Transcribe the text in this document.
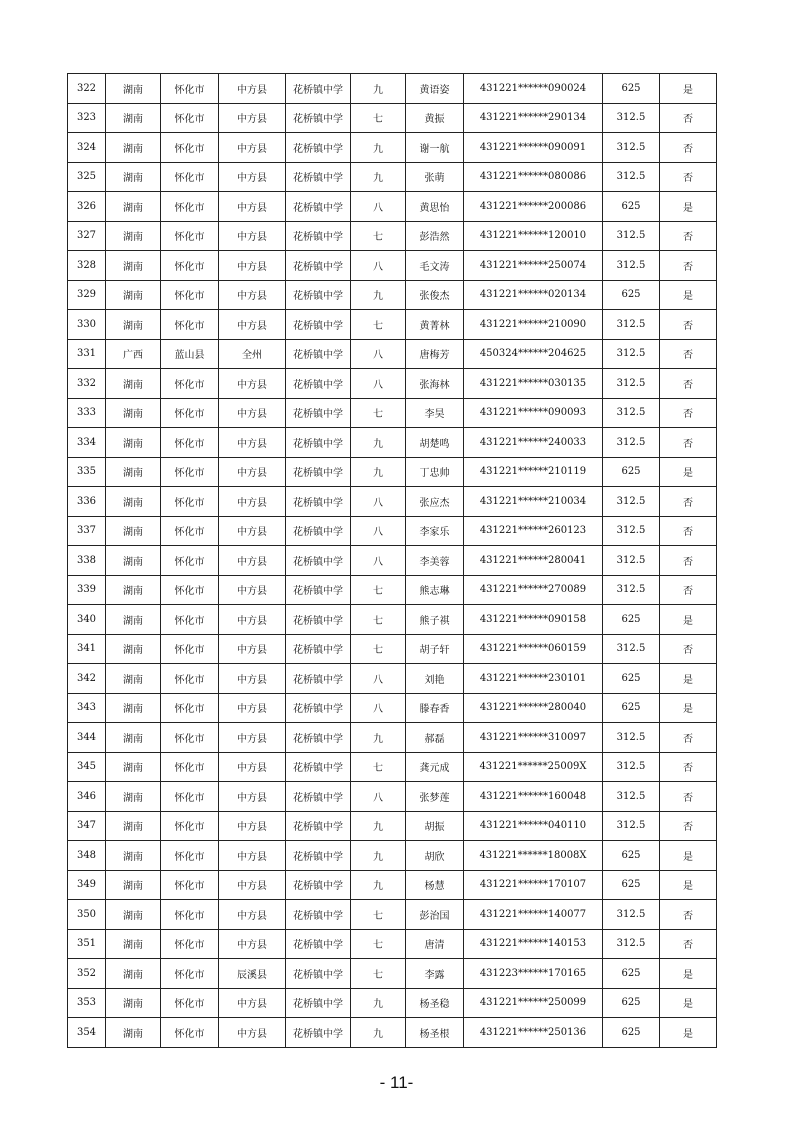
322	湖南	怀化市	中方县	花桥镇中学	九	黄语姿	431221******090024	625	是
323	湖南	怀化市	中方县	花桥镇中学	七	黄振	431221******290134	312.5	否
324	湖南	怀化市	中方县	花桥镇中学	九	谢一航	431221******090091	312.5	否
325	湖南	怀化市	中方县	花桥镇中学	九	张萌	431221******080086	312.5	否
326	湖南	怀化市	中方县	花桥镇中学	八	黄思怡	431221******200086	625	是
327	湖南	怀化市	中方县	花桥镇中学	七	彭浩然	431221******120010	312.5	否
328	湖南	怀化市	中方县	花桥镇中学	八	毛文涛	431221******250074	312.5	否
329	湖南	怀化市	中方县	花桥镇中学	九	张俊杰	431221******020134	625	是
330	湖南	怀化市	中方县	花桥镇中学	七	黄菁林	431221******210090	312.5	否
331	广西	蓝山县	全州	花桥镇中学	八	唐梅芳	450324******204625	312.5	否
332	湖南	怀化市	中方县	花桥镇中学	八	张海林	431221******030135	312.5	否
333	湖南	怀化市	中方县	花桥镇中学	七	李昊	431221******090093	312.5	否
334	湖南	怀化市	中方县	花桥镇中学	九	胡楚鸣	431221******240033	312.5	否
335	湖南	怀化市	中方县	花桥镇中学	九	丁忠帅	431221******210119	625	是
336	湖南	怀化市	中方县	花桥镇中学	八	张应杰	431221******210034	312.5	否
337	湖南	怀化市	中方县	花桥镇中学	八	李家乐	431221******260123	312.5	否
338	湖南	怀化市	中方县	花桥镇中学	八	李美蓉	431221******280041	312.5	否
339	湖南	怀化市	中方县	花桥镇中学	七	熊志琳	431221******270089	312.5	否
340	湖南	怀化市	中方县	花桥镇中学	七	熊子祺	431221******090158	625	是
341	湖南	怀化市	中方县	花桥镇中学	七	胡子轩	431221******060159	312.5	否
342	湖南	怀化市	中方县	花桥镇中学	八	刘艳	431221******230101	625	是
343	湖南	怀化市	中方县	花桥镇中学	八	滕春香	431221******280040	625	是
344	湖南	怀化市	中方县	花桥镇中学	九	郝磊	431221******310097	312.5	否
345	湖南	怀化市	中方县	花桥镇中学	七	龚元成	431221******25009X	312.5	否
346	湖南	怀化市	中方县	花桥镇中学	八	张梦莲	431221******160048	312.5	否
347	湖南	怀化市	中方县	花桥镇中学	九	胡振	431221******040110	312.5	否
348	湖南	怀化市	中方县	花桥镇中学	九	胡欣	431221******18008X	625	是
349	湖南	怀化市	中方县	花桥镇中学	九	杨慧	431221******170107	625	是
350	湖南	怀化市	中方县	花桥镇中学	七	彭治国	431221******140077	312.5	否
351	湖南	怀化市	中方县	花桥镇中学	七	唐清	431221******140153	312.5	否
352	湖南	怀化市	辰溪县	花桥镇中学	七	李露	431223******170165	625	是
353	湖南	怀化市	中方县	花桥镇中学	九	杨圣稳	431221******250099	625	是
354	湖南	怀化市	中方县	花桥镇中学	九	杨圣根	431221******250136	625	是
- 11-
